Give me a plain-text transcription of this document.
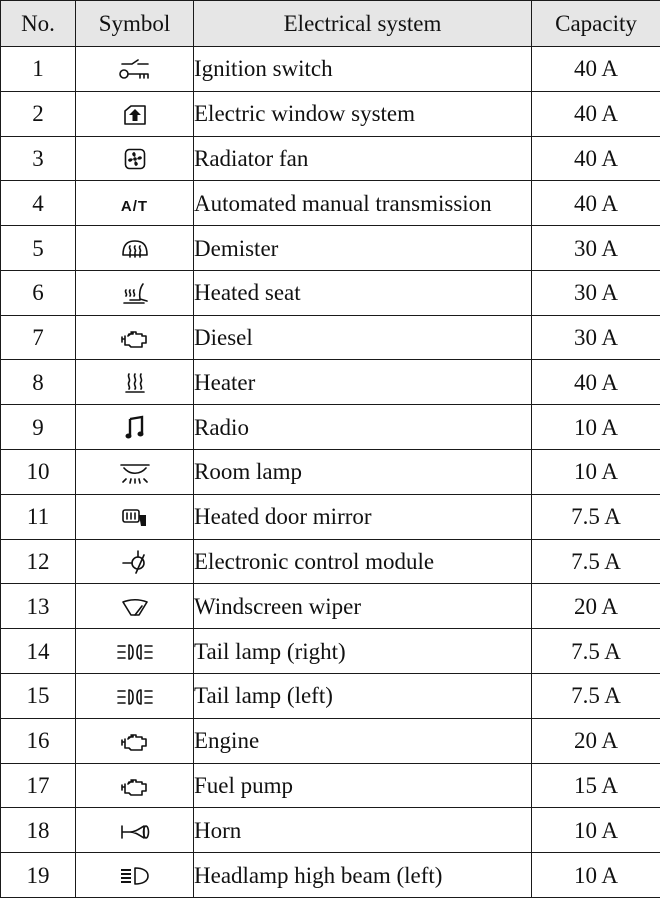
No.	Symbol	Electrical system	Capacity
1		Ignition switch	40 A
2		Electric window system	40 A
3		Radiator fan	40 A
4	A/T	Automated manual transmission	40 A
5		Demister	30 A
6		Heated seat	30 A
7		Diesel	30 A
8		Heater	40 A
9		Radio	10 A
10		Room lamp	10 A
11		Heated door mirror	7.5 A
12		Electronic control module	7.5 A
13		Windscreen wiper	20 A
14		Tail lamp (right)	7.5 A
15		Tail lamp (left)	7.5 A
16		Engine	20 A
17		Fuel pump	15 A
18		Horn	10 A
19		Headlamp high beam (left)	10 A
